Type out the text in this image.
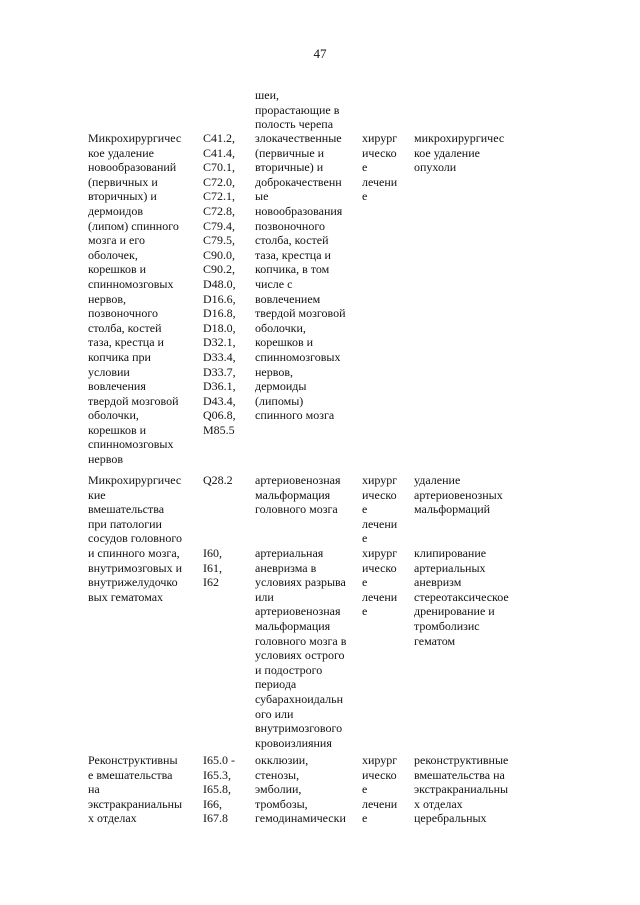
47
шеи,
прорастающие в
полость черепа
Микрохирургичес
кое удаление
новообразований
(первичных и
вторичных) и
дермоидов
(липом) спинного
мозга и его
оболочек,
корешков и
спинномозговых
нервов,
позвоночного
столба, костей
таза, крестца и
копчика при
условии
вовлечения
твердой мозговой
оболочки,
корешков и
спинномозговых
нервов
C41.2,
C41.4,
C70.1,
C72.0,
C72.1,
C72.8,
C79.4,
C79.5,
C90.0,
C90.2,
D48.0,
D16.6,
D16.8,
D18.0,
D32.1,
D33.4,
D33.7,
D36.1,
D43.4,
Q06.8,
M85.5
злокачественные
(первичные и
вторичные) и
доброкачественн
ые
новообразования
позвоночного
столба, костей
таза, крестца и
копчика, в том
числе с
вовлечением
твердой мозговой
оболочки,
корешков и
спинномозговых
нервов,
дермоиды
(липомы)
спинного мозга
хирург
ическо
е
лечени
е
микрохирургичес
кое удаление
опухоли
Микрохирургичес
кие
вмешательства
при патологии
сосудов головного
и спинного мозга,
внутримозговых и
внутрижелудочко
вых гематомах
Q28.2 артериовенозная
мальформация
головного мозга
хирург
ическо
е
лечени
е
удаление
артериовенозных
мальформаций
I60,
I61,
I62
артериальная
аневризма в
условиях разрыва
или
артериовенозная
мальформация
головного мозга в
условиях острого
и подострого
периода
субарахноидальн
ого или
внутримозгового
кровоизлияния
хирург
ическо
е
лечени
е
клипирование
артериальных
аневризм
стереотаксическое
дренирование и
тромболизис
гематом
Реконструктивны
е вмешательства
на
экстракраниальны
х отделах
I65.0 -
I65.3,
I65.8,
I66,
I67.8
окклюзии,
стенозы,
эмболии,
тромбозы,
гемодинамически
хирург
ическо
е
лечени
е
реконструктивные
вмешательства на
экстракраниальны
х отделах
церебральных
